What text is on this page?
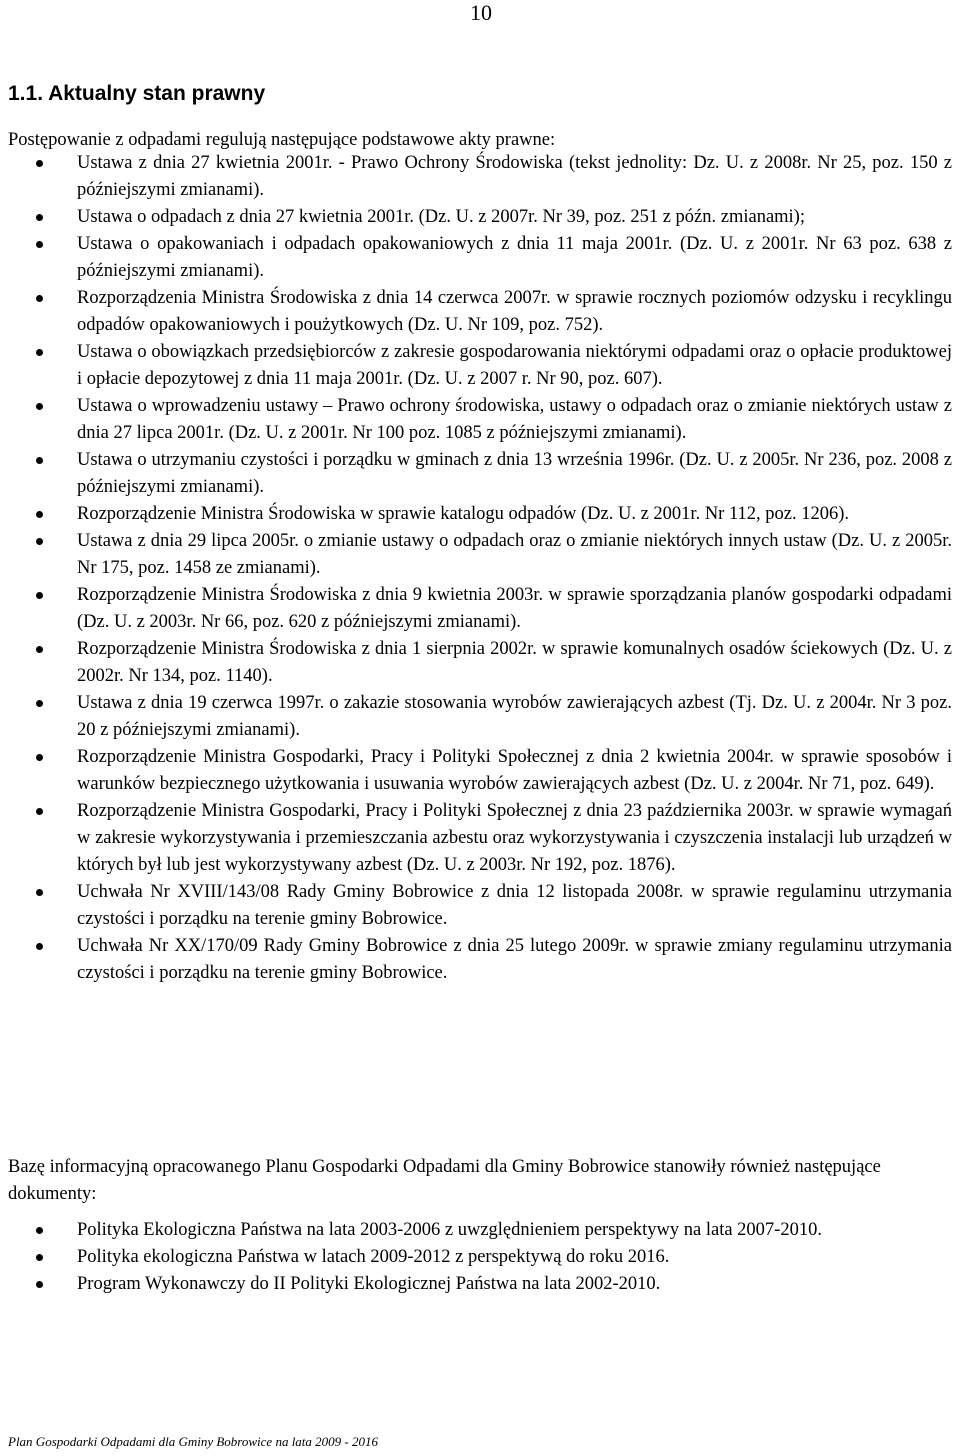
10
1.1. Aktualny stan prawny

Postępowanie z odpadami regulują następujące podstawowe akty prawne:

Ustawa z dnia 27 kwietnia 2001r. - Prawo Ochrony Środowiska (tekst jednolity: Dz. U. z 2008r. Nr 25, poz. 150 z późniejszymi zmianami).
Ustawa o odpadach z dnia 27 kwietnia 2001r. (Dz. U. z 2007r. Nr 39, poz. 251 z późn. zmianami);
Ustawa o opakowaniach i odpadach opakowaniowych z dnia 11 maja 2001r. (Dz. U. z 2001r. Nr 63 poz. 638 z późniejszymi zmianami).
Rozporządzenia Ministra Środowiska z dnia 14 czerwca 2007r. w sprawie rocznych poziomów odzysku i recyklingu odpadów opakowaniowych i poużytkowych (Dz. U. Nr 109, poz. 752).
Ustawa o obowiązkach przedsiębiorców z zakresie gospodarowania niektórymi odpadami oraz o opłacie produktowej i opłacie depozytowej z dnia 11 maja 2001r. (Dz. U. z 2007 r. Nr 90, poz. 607).
Ustawa o wprowadzeniu ustawy – Prawo ochrony środowiska, ustawy o odpadach oraz o zmianie niektórych ustaw z dnia 27 lipca 2001r. (Dz. U. z 2001r. Nr 100 poz. 1085 z późniejszymi zmianami).
Ustawa o utrzymaniu czystości i porządku w gminach z dnia 13 września 1996r. (Dz. U. z 2005r. Nr 236, poz. 2008 z późniejszymi zmianami).
Rozporządzenie Ministra Środowiska w sprawie katalogu odpadów (Dz. U. z 2001r. Nr 112, poz. 1206).
Ustawa z dnia 29 lipca 2005r. o zmianie ustawy o odpadach oraz o zmianie niektórych innych ustaw (Dz. U. z 2005r. Nr 175, poz. 1458 ze zmianami).
Rozporządzenie Ministra Środowiska z dnia 9 kwietnia 2003r. w sprawie sporządzania planów gospodarki odpadami (Dz. U. z 2003r. Nr 66, poz. 620 z późniejszymi zmianami).
Rozporządzenie Ministra Środowiska z dnia 1 sierpnia 2002r. w sprawie komunalnych osadów ściekowych (Dz. U. z 2002r. Nr 134, poz. 1140).
Ustawa z dnia 19 czerwca 1997r. o zakazie stosowania wyrobów zawierających azbest (Tj. Dz. U. z 2004r. Nr 3 poz. 20 z późniejszymi zmianami).
Rozporządzenie Ministra Gospodarki, Pracy i Polityki Społecznej z dnia 2 kwietnia 2004r. w sprawie sposobów i warunków bezpiecznego użytkowania i usuwania wyrobów zawierających azbest (Dz. U. z 2004r. Nr 71, poz. 649).
Rozporządzenie Ministra Gospodarki, Pracy i Polityki Społecznej z dnia 23 października 2003r. w sprawie wymagań w zakresie wykorzystywania i przemieszczania azbestu oraz wykorzystywania i czyszczenia instalacji lub urządzeń w których był lub jest wykorzystywany azbest (Dz. U. z 2003r. Nr 192, poz. 1876).
Uchwała Nr XVIII/143/08 Rady Gminy Bobrowice z dnia 12 listopada 2008r. w sprawie regulaminu utrzymania czystości i porządku na terenie gminy Bobrowice.
Uchwała Nr XX/170/09 Rady Gminy Bobrowice z dnia 25 lutego 2009r. w sprawie zmiany regulaminu utrzymania czystości i porządku na terenie gminy Bobrowice.

Bazę informacyjną opracowanego Planu Gospodarki Odpadami dla Gminy Bobrowice stanowiły również następujące dokumenty:

Polityka Ekologiczna Państwa na lata 2003-2006 z uwzględnieniem perspektywy na lata 2007-2010.
Polityka ekologiczna Państwa w latach 2009-2012 z perspektywą do roku 2016.
Program Wykonawczy do II Polityki Ekologicznej Państwa na lata 2002-2010.
Plan Gospodarki Odpadami dla Gminy Bobrowice na lata 2009 - 2016
